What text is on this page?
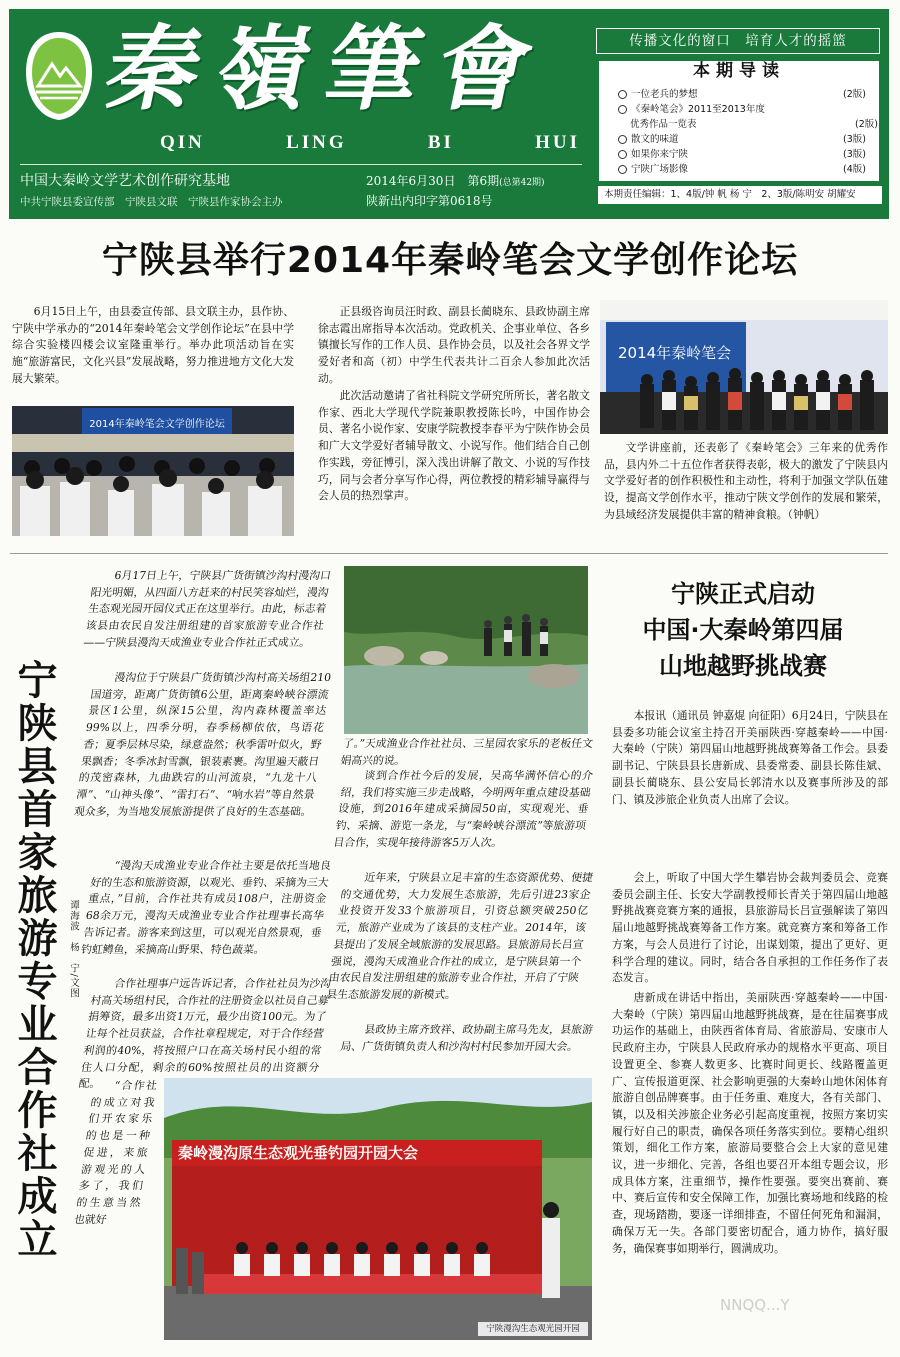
秦嶺筆會
QIN	LING	BI	HUI
中国大秦岭文学艺术创作研究基地
中共宁陕县委宣传部　宁陕县文联　宁陕县作家协会主办
2014年6月30日　第6期(总第42期)
陕新出内印字第0618号
传播文化的窗口　培育人才的摇篮
本期导读
一位老兵的梦想	(2版)
《秦岭笔会》2011至2013年度
优秀作品一览表	(2版)
散文的味道	(3版)
如果你来宁陕	(3版)
宁陕广场影像	(4版)
本期责任编辑：1、4版/钟 帆 杨 宁　2、3版/陈明安 胡耀安
宁陕县举行2014年秦岭笔会文学创作论坛

6月15日上午，由县委宣传部、县文联主办，县作协、宁陕中学承办的“2014年秦岭笔会文学创作论坛”在县中学综合实验楼四楼会议室隆重举行。举办此项活动旨在实施“旅游富民，文化兴县”发展战略，努力推进地方文化大发展大繁荣。

2014年秦岭笔会文学创作论坛

正县级咨询员汪时政、副县长蔺晓东、县政协副主席徐志霞出席指导本次活动。党政机关、企事业单位、各乡镇擅长写作的工作人员、县作协会员，以及社会各界文学爱好者和高（初）中学生代表共计二百余人参加此次活动。

此次活动邀请了省社科院文学研究所所长，著名散文作家、西北大学现代学院兼职教授陈长吟，中国作协会员、著名小说作家、安康学院教授李春平为宁陕作协会员和广大文学爱好者辅导散文、小说写作。他们结合自己创作实践，旁征博引，深入浅出讲解了散文、小说的写作技巧，同与会者分享写作心得，两位教授的精彩辅导赢得与会人员的热烈掌声。

2014年秦岭笔会

文学讲座前，还表彰了《秦岭笔会》三年来的优秀作品，县内外二十五位作者获得表彰，极大的激发了宁陕县内文学爱好者的创作积极性和主动性，将利于加强文学队伍建设，提高文学创作水平，推动宁陕文学创作的发展和繁荣，为县域经济发展提供丰富的精神食粮。（钟帆）

宁陕县首家旅游专业合作社成立	谭海波　杨　宁/文图

6月17日上午，宁陕县广货街镇沙沟村漫沟口阳光明媚，从四面八方赶来的村民笑容灿烂，漫沟生态观光园开园仪式正在这里举行。由此，标志着该县由农民自发注册组建的首家旅游专业合作社——宁陕县漫沟天成渔业专业合作社正式成立。

漫沟位于宁陕县广货街镇沙沟村高关场组210国道旁，距离广货街镇6公里，距离秦岭峡谷漂流景区1公里，纵深15公里，沟内森林覆盖率达99%以上，四季分明，春季杨柳依依，鸟语花香；夏季层林尽染，绿意盎然；秋季雷叶似火，野果飘香；冬季冰封雪飘，银装素裹。沟里遍天蔽日的茂密森林，九曲跌宕的山河流泉，“九龙十八潭”、“山神头像”、“雷打石”、“响水岩”等自然景观众多，为当地发展旅游提供了良好的生态基础。

“漫沟天成渔业专业合作社主要是依托当地良好的生态和旅游资源，以观光、垂钓、采摘为三大重点，”目前，合作社共有成员108户，注册资金68余万元，漫沟天成渔业专业合作社理事长高华告诉记者。游客来到这里，可以观光自然景观，垂钓虹鳟鱼，采摘高山野果、特色蔬菜。

合作社理事户远告诉记者，合作社社员为沙沟村高关场组村民，合作社的注册资金以社员自己募捐筹资，最多出资1万元，最少出资100元。为了让每个社员获益，合作社章程规定，对于合作经营利润的40%，将按照户口在高关场村民小组的常住人口分配，剩余的60%按照社员的出资额分配。	“合作社的成立对我们开农家乐的也是一种促进，来旅游观光的人多了，我们的生意当然也就好

了。”天成渔业合作社社员、三星园农家乐的老板任文娟高兴的说。

谈到合作社今后的发展，吴高华满怀信心的介绍，我们将实施三步走战略，今明两年重点建设基础设施，到2016年建成采摘园50亩，实现观光、垂钓、采摘、游览一条龙，与“秦岭峡谷漂流”等旅游项目合作，实现年接待游客5万人次。

近年来，宁陕县立足丰富的生态资源优势、便捷的交通优势，大力发展生态旅游，先后引进23家企业投资开发33个旅游项目，引资总额突破250亿元，旅游产业成为了该县的支柱产业。2014年，该县提出了发展全域旅游的发展思路。县旅游局长吕宣强说，漫沟天成渔业合作社的成立，是宁陕县第一个由农民自发注册组建的旅游专业合作社，开启了宁陕县生态旅游发展的新模式。

县政协主席齐致祥、政协副主席马先友，县旅游局、广货街镇负责人和沙沟村村民参加开园大会。

秦岭漫沟原生态观光垂钓园开园大会
宁陕漫沟生态观光园开园
宁陕正式启动
中国·大秦岭第四届
山地越野挑战赛

本报讯（通讯员 钟嘉焜 向征阳）6月24日，宁陕县在县委多功能会议室主持召开美丽陕西·穿越秦岭——中国·大秦岭（宁陕）第四届山地越野挑战赛筹备工作会。县委副书记、宁陕县县长唐新成、县委常委、副县长陈佳斌、副县长蔺晓东、县公安局长郭清水以及赛事所涉及的部门、镇及涉旅企业负责人出席了会议。

会上，听取了中国大学生攀岩协会裁判委员会、竞赛委员会副主任、长安大学副教授师长青关于第四届山地越野挑战赛竞赛方案的通报，县旅游局长吕宣强解读了第四届山地越野挑战赛筹备工作方案。就竞赛方案和筹备工作方案，与会人员进行了讨论，出谋划策，提出了更好、更科学合理的建议。同时，结合各自承担的工作任务作了表态发言。

唐新成在讲话中指出，美丽陕西·穿越秦岭——中国·大秦岭（宁陕）第四届山地越野挑战赛，是在往届赛事成功运作的基础上，由陕西省体育局、省旅游局、安康市人民政府主办，宁陕县人民政府承办的规格水平更高、项目设置更全、参赛人数更多、比赛时间更长、线路覆盖更广、宣传报道更深、社会影响更强的大秦岭山地休闲体育旅游自创品牌赛事。由于任务重、难度大，各有关部门、镇，以及相关涉旅企业务必引起高度重视，按照方案切实履行好自己的职责，确保各项任务落实到位。要精心组织策划，细化工作方案，旅游局要整合会上大家的意见建议，进一步细化、完善，各组也要召开本组专题会议，形成具体方案，注重细节，操作性要强。要突出赛前、赛中、赛后宣传和安全保障工作，加强比赛场地和线路的检查，现场踏勘，要逐一详细排查，不留任何死角和漏洞，确保万无一失。各部门要密切配合，通力协作，搞好服务，确保赛事如期举行，圆满成功。

NNQQ...Y
